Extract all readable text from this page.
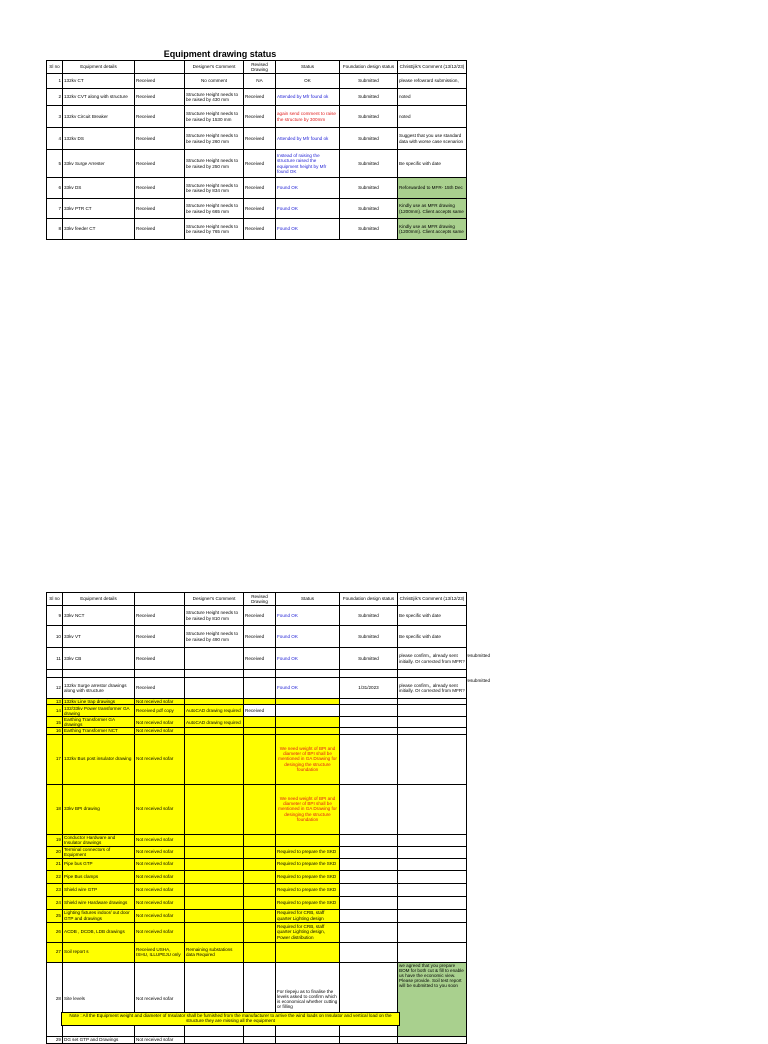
Equipment drawing status
Sl no	Equipment details		Designer's Comment	Revised Drawing	Status	Foundation design status	ChrisEjik's Comment (13/12/23)
1	132kv CT	Received	No comment	NA	OK	Submitted	please refowrard submission,
2	132kv CVT along with structure	Received	Structure Height needs to be raised by 430 mm	Received	Attended by Mfr found ok	Submitted	noted
3	132kv Circuit Breaker	Received	Structure Height needs to be raised by 1530 mm	Received	again send comment to raise the structure by 300mm	Submitted	noted
4	132kv DS	Received	Structure Height needs to be raised by 260 mm	Received	Attended by Mfr found ok	Submitted	Suggest that you use standard data with worse case scenarion
5	33kv Surge Arrester	Received	Structure Height needs to be raised by 250 mm	Received	Instead of raising the structure raised the equipment height by Mfr found OK	Submitted	Be specific with date
6	33kv DS	Received	Structure Height needs to be raised by 834 mm	Received	Found OK	Submitted	Reforwarded to MFR- 15th Dec
7	33kv PTR CT	Received	Structure Height needs to be raised by 665 mm	Received	Found OK	Submitted	Kindly use as MFR drawing (1200mm). Client accepts same
8	33kv feeder CT	Received	Structure Height needs to be raised by 765 mm	Received	Found OK	Submitted	Kindly use as MFR drawing (1200mm). Client accepts same
Sl no	Equipment details		Designer's Comment	Revised Drawing	Status	Foundation design status	ChrisEjik's Comment (13/12/23)
9	33kv NCT	Received	Structure Height needs to be raised by 810 mm	Received	Found OK	Submitted	Be specific with date
10	33kv VT	Received	Structure Height needs to be raised by 490 mm	Received	Found OK	Submitted	Be specific with date
11	33kv CB	Received		Received	Found OK	Submitted	please confirm,, already sent initially. Or corrected from MFR?

12	132kv Surge arrestor drawings along with structure	Received			Found OK	1/31/2023	please confirm,, already sent initially. Or corrected from MFR?
13	132kv Line trap drawings	Not received sofar					
14	132/33kv Power transformer GA drawing	Received pdf copy	AutoCAD drawing required	Received			
15	Earthing Transformer GA drawings	Not received sofar	AutoCAD drawing required				
16	Earthing Transformer NCT	Not received sofar					
17	132kv Bus post insulator drawing	Not received sofar			We need weight of BPI and diameter of BPI shall be mentioned in GA Drawing for desinging the structure foundation		
18	33kv BPI drawing	Not received sofar			We need weight of BPI and diameter of BPI shall be mentioned in GA Drawing for desinging the structure foundation		
19	Conductor Hardware and Insulator drawings	Not received sofar					
20	Terminal connectors of Equipment	Not received sofar			Required to prepare the SKD		
21	Pipe bus GTP	Not received sofar			Required to prepare the SKD		
22	Pipe Bus clamps	Not received sofar			Required to prepare the SKD		
23	Shield wire GTP	Not received sofar			Required to prepare the SKD		
24	Shield wire Hardware drawings	Not received sofar			Required to prepare the SKD		
25	Lighting fixtures indoor/ out door GTP and drawings	Not received sofar			Required for CRB, staff quarter Lighting design		
26	ACDB , DCDB, LDB drawings	Not received sofar			Required for CRB, staff quarter Lighting design, Power distribution		
27	Soil report s	Received USHA, ISHU, ILLUPEJU only	Remaining substations data Required				
28	Site levels	Not received sofar			For Ilepeju as to finalise the levels asked to confirm which is economical whether cutting or filling		we agreed that you prepare BOM for both cut & fill to enable us have the economic view. Please provide. Soil test report will be submitted to you soon
29	DG set GTP and Drawings	Not received sofar					
resubmitted
resubmitted
Note : All the Equipment weight and diameter of Insulator shall be furnished from the manufacturer to arrive the wind loads on Insulator and vertical load on the structure they are missing all the equipment
